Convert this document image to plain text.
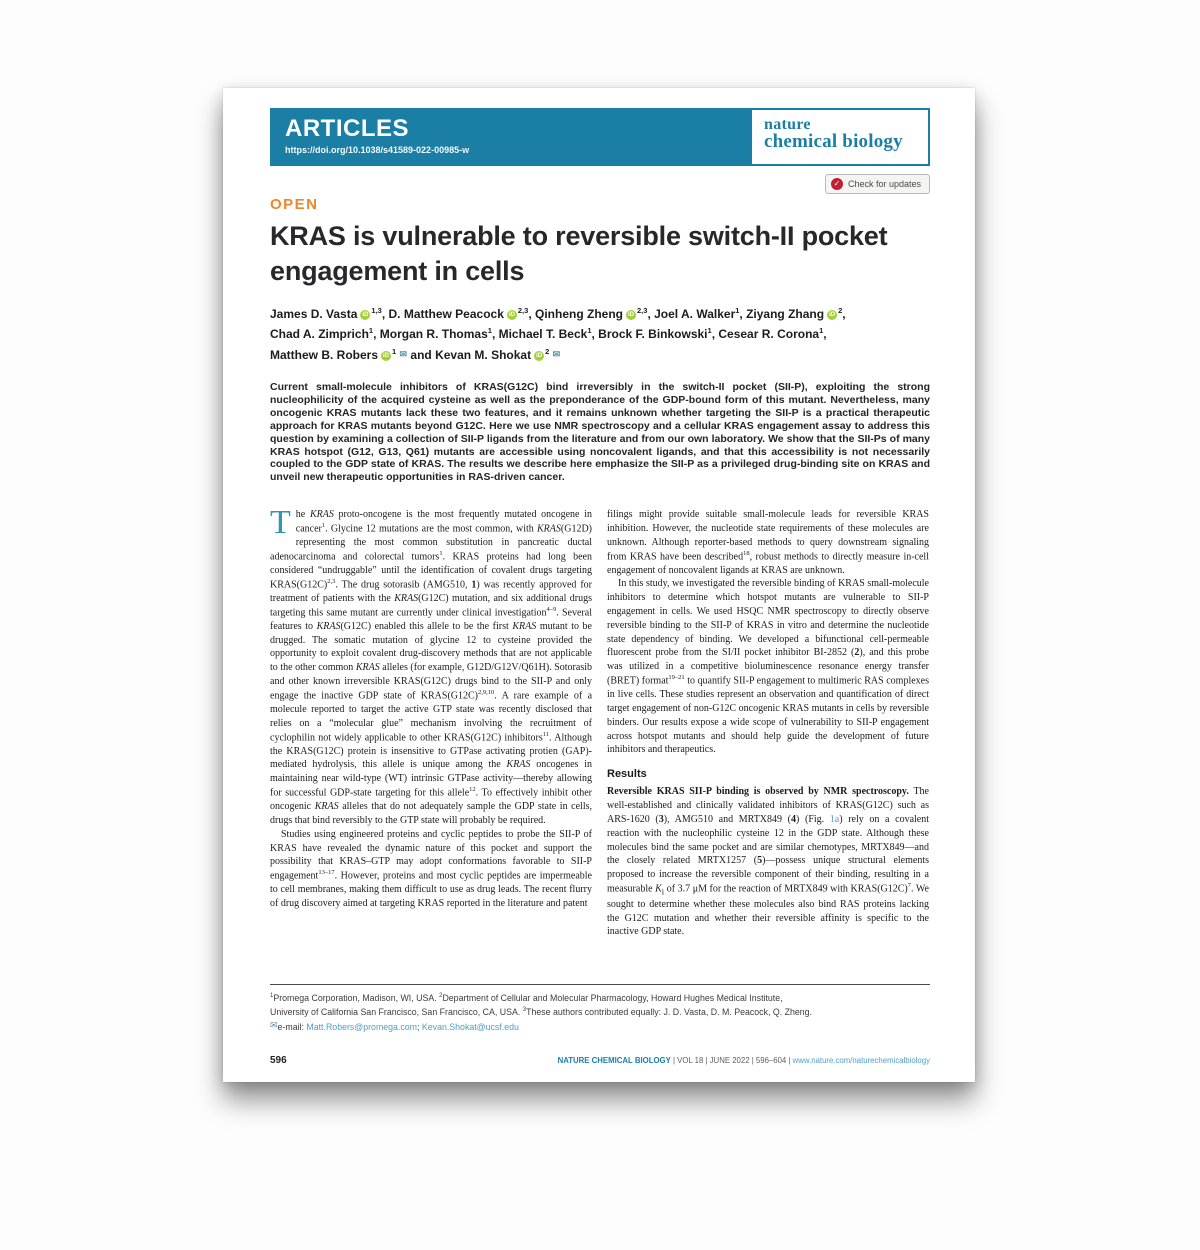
ARTICLES
https://doi.org/10.1038/s41589-022-00985-w
nature
chemical biology
✓ Check for updates
OPEN
KRAS is vulnerable to reversible switch-II pocket engagement in cells
James D. Vasta iD $^{1,3}$, D. Matthew Peacock iD $^{2,3}$, Qinheng Zheng iD $^{2,3}$, Joel A. Walker$^1$, Ziyang Zhang iD $^2$,
Chad A. Zimprich$^1$, Morgan R. Thomas$^1$, Michael T. Beck$^1$, Brock F. Binkowski$^1$, Cesear R. Corona$^1$,
Matthew B. Robers iD $^1$ ✉ and Kevan M. Shokat iD $^2$ ✉
Current small-molecule inhibitors of KRAS(G12C) bind irreversibly in the switch-II pocket (SII-P), exploiting the strong nucleophilicity of the acquired cysteine as well as the preponderance of the GDP-bound form of this mutant. Nevertheless, many oncogenic KRAS mutants lack these two features, and it remains unknown whether targeting the SII-P is a practical therapeutic approach for KRAS mutants beyond G12C. Here we use NMR spectroscopy and a cellular KRAS engagement assay to address this question by examining a collection of SII-P ligands from the literature and from our own laboratory. We show that the SII-Ps of many KRAS hotspot (G12, G13, Q61) mutants are accessible using noncovalent ligands, and that this accessibility is not necessarily coupled to the GDP state of KRAS. The results we describe here emphasize the SII-P as a privileged drug-binding site on KRAS and unveil new therapeutic opportunities in RAS-driven cancer.

The KRAS proto-oncogene is the most frequently mutated oncogene in cancer$^1$. Glycine 12 mutations are the most common, with KRAS(G12D) representing the most common substitution in pancreatic ductal adenocarcinoma and colorectal tumors$^1$. KRAS proteins had long been considered “undruggable” until the identification of covalent drugs targeting $KRAS(G12C)^{2,3}$. The drug sotorasib (AMG510, 1) was recently approved for treatment of patients with the KRAS(G12C) mutation, and six additional drugs targeting this same mutant are currently under clinical investigation$^{4-9}$. Several features to KRAS(G12C) enabled this allele to be the first KRAS mutant to be drugged. The somatic mutation of glycine 12 to cysteine provided the opportunity to exploit covalent drug-discovery methods that are not applicable to the other common KRAS alleles (for example, G12D/G12V/Q61H). Sotorasib and other known irreversible KRAS(G12C) drugs bind to the SII-P and only engage the inactive GDP state of $KRAS(G12C)^{2,9,10}$. A rare example of a molecule reported to target the active GTP state was recently disclosed that relies on a “molecular glue” mechanism involving the recruitment of cyclophilin not widely applicable to other KRAS(G12C) inhibitors$^{11}$. Although the KRAS(G12C) protein is insensitive to GTPase activating protien (GAP)-mediated hydrolysis, this allele is unique among the KRAS oncogenes in maintaining near wild-type (WT) intrinsic GTPase activity—thereby allowing for successful GDP-state targeting for this allele$^{12}$. To effectively inhibit other oncogenic KRAS alleles that do not adequately sample the GDP state in cells, drugs that bind reversibly to the GTP state will probably be required.

Studies using engineered proteins and cyclic peptides to probe the SII-P of KRAS have revealed the dynamic nature of this pocket and support the possibility that KRAS–GTP may adopt conformations favorable to SII-P engagement$^{13-17}$. However, proteins and most cyclic peptides are impermeable to cell membranes, making them difficult to use as drug leads. The recent flurry of drug discovery aimed at targeting KRAS reported in the literature and patent

filings might provide suitable small-molecule leads for reversible KRAS inhibition. However, the nucleotide state requirements of these molecules are unknown. Although reporter-based methods to query downstream signaling from KRAS have been described$^{18}$, robust methods to directly measure in-cell engagement of noncovalent ligands at KRAS are unknown.

In this study, we investigated the reversible binding of KRAS small-molecule inhibitors to determine which hotspot mutants are vulnerable to SII-P engagement in cells. We used HSQC NMR spectroscopy to directly observe reversible binding to the SII-P of KRAS in vitro and determine the nucleotide state dependency of binding. We developed a bifunctional cell-permeable fluorescent probe from the SI/II pocket inhibitor BI-2852 (2), and this probe was utilized in a competitive bioluminescence resonance energy transfer (BRET) format$^{19-21}$ to quantify SII-P engagement to multimeric RAS complexes in live cells. These studies represent an observation and quantification of direct target engagement of non-G12C oncogenic KRAS mutants in cells by reversible binders. Our results expose a wide scope of vulnerability to SII-P engagement across hotspot mutants and should help guide the development of future inhibitors and therapeutics.

Results

Reversible KRAS SII-P binding is observed by NMR spectroscopy. The well-established and clinically validated inhibitors of KRAS(G12C) such as ARS-1620 (3), AMG510 and MRTX849 (4) (Fig. 1a) rely on a covalent reaction with the nucleophilic cysteine 12 in the GDP state. Although these molecules bind the same pocket and are similar chemotypes, MRTX849—and the closely related MRTX1257 (5)—possess unique structural elements proposed to increase the reversible component of their binding, resulting in a measurable $K_i$ of 3.7 μM for the reaction of MRTX849 with $KRAS(G12C)^7$. We sought to determine whether these molecules also bind RAS proteins lacking the G12C mutation and whether their reversible affinity is specific to the inactive GDP state.

$^1$Promega Corporation, Madison, WI, USA. $^2$Department of Cellular and Molecular Pharmacology, Howard Hughes Medical Institute,
University of California San Francisco, San Francisco, CA, USA. $^3$These authors contributed equally: J. D. Vasta, D. M. Peacock, Q. Zheng.
✉e-mail: Matt.Robers@promega.com; Kevan.Shokat@ucsf.edu
596	NATURE CHEMICAL BIOLOGY | VOL 18 | JUNE 2022 | 596–604 | www.nature.com/naturechemicalbiology
